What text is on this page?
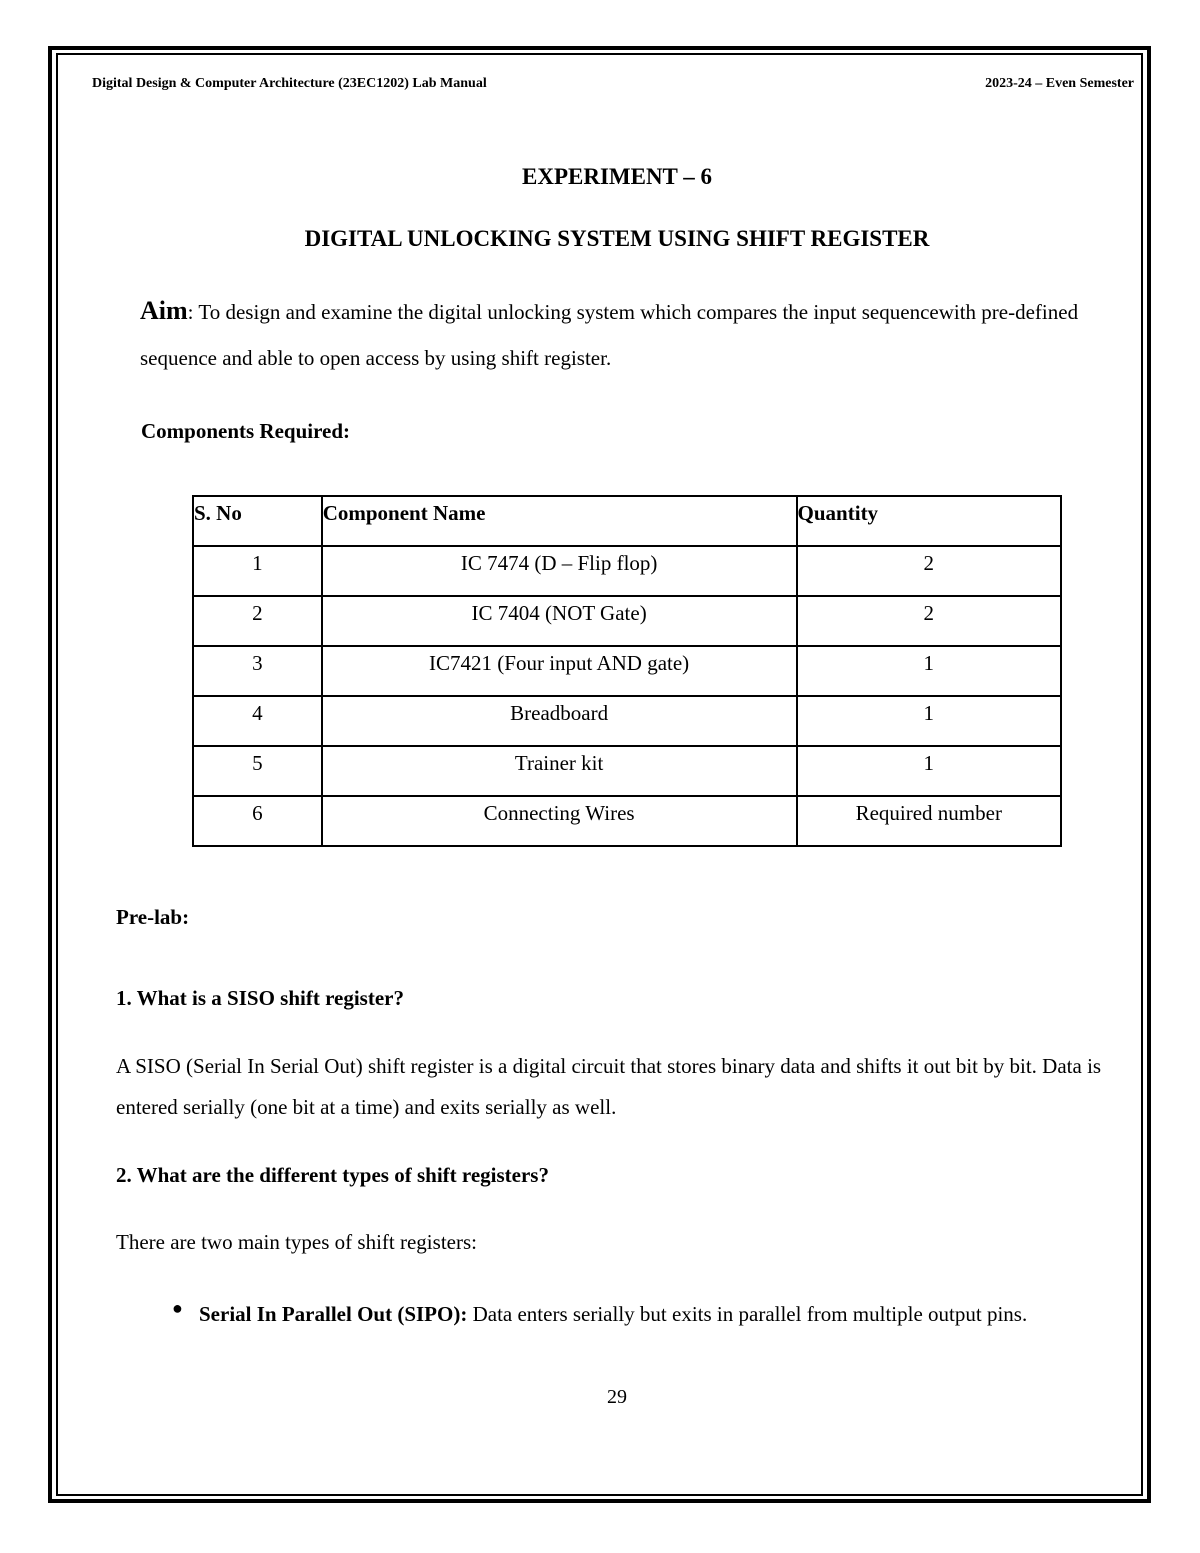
Digital Design & Computer Architecture (23EC1202) Lab Manual	2023-24 – Even Semester
EXPERIMENT – 6
DIGITAL UNLOCKING SYSTEM USING SHIFT REGISTER
Aim: To design and examine the digital unlocking system which compares the input sequencewith pre-defined sequence and able to open access by using shift register.
Components Required:
S. No	Component Name	Quantity
1	IC 7474 (D – Flip flop)	2
2	IC 7404 (NOT Gate)	2
3	IC7421 (Four input AND gate)	1
4	Breadboard	1
5	Trainer kit	1
6	Connecting Wires	Required number
Pre-lab:
1. What is a SISO shift register?
A SISO (Serial In Serial Out) shift register is a digital circuit that stores binary data and shifts it out bit by bit. Data is entered serially (one bit at a time) and exits serially as well.
2. What are the different types of shift registers?
There are two main types of shift registers:
● Serial In Parallel Out (SIPO): Data enters serially but exits in parallel from multiple output pins.
29
